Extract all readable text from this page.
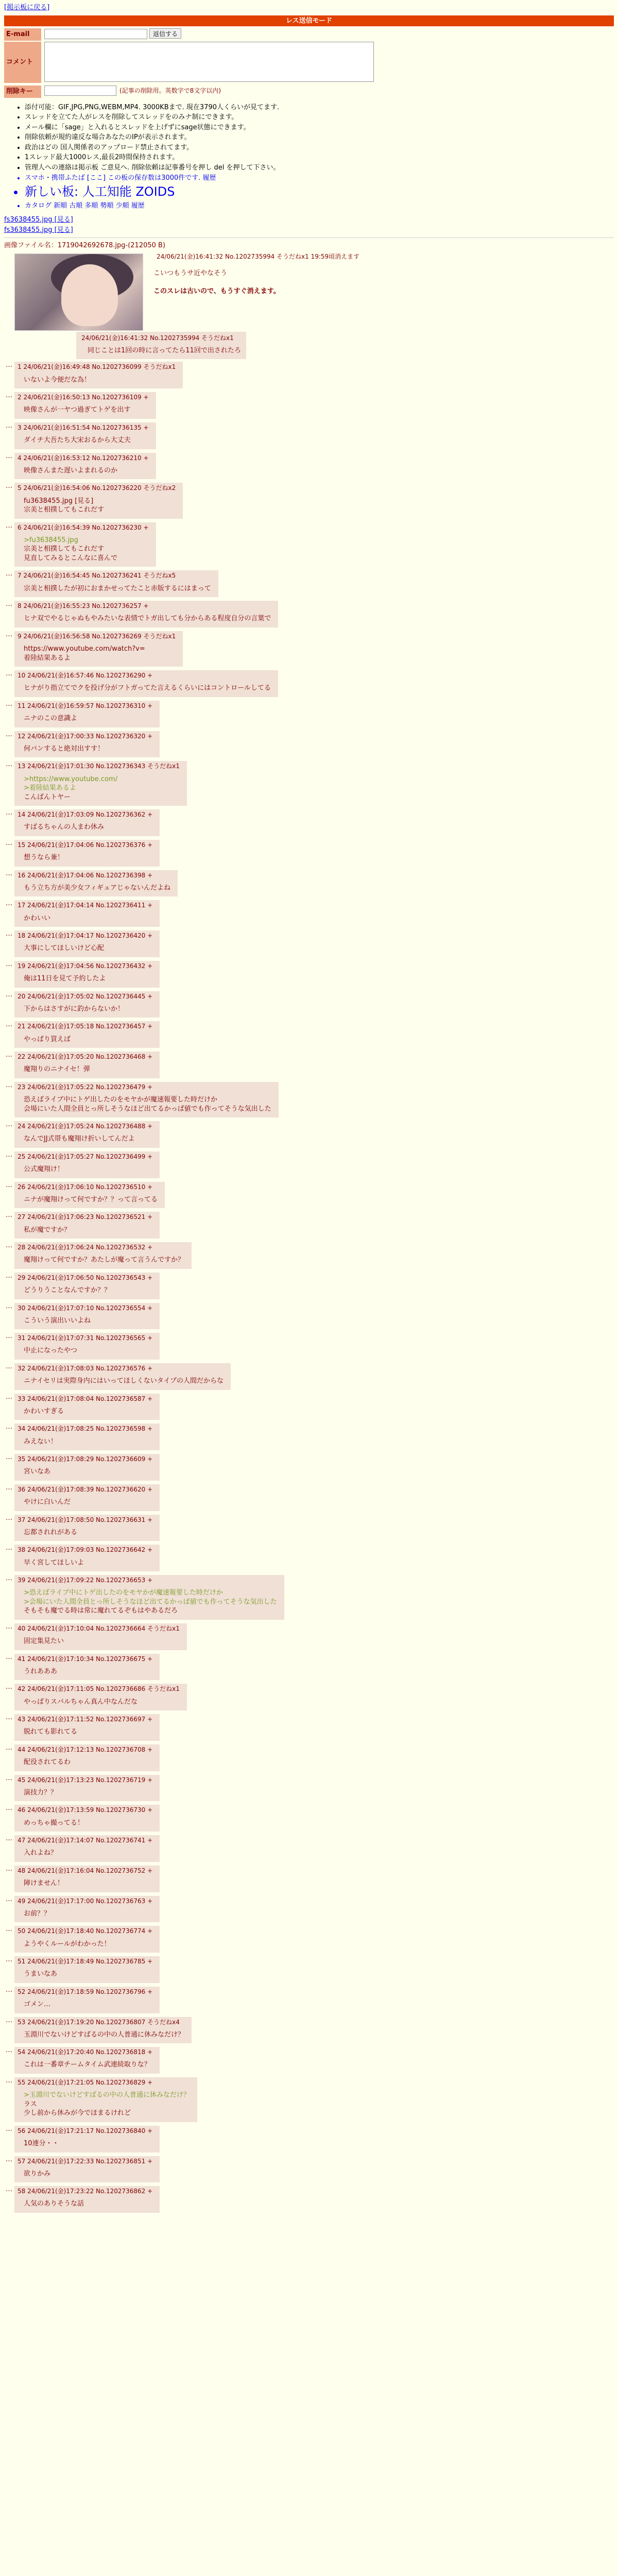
[掲示板に戻る]
レス送信モード
E-mail	返信する
コメント
削除キー	(記事の削除用。英数字で8文字以内)
• 添付可能：GIF,JPG,PNG,WEBM,MP4. 3000KBまで. 現在3790人くらいが見てます.
• スレッドを立てた人がレスを削除してスレッドをのみナ制にできます。
• メール欄に「sage」と入れるとスレッドを上げずにsage状態にできます。
• 削除依頼が規約違反な場合あなたのIPが表示されます。
• 政治はどの 国人関係者のアップロード禁止されてます。
• 1スレッド最大1000レス,最長2時間保持されます。
• 管理人への連絡は掲示板 ご意見へ. 削除依頼は記事番号を押し del を押して下さい。
• スマホ・携帯ふたば [ここ] この板の保存数は3000件です. 履歴
• 新しい板: 人工知能 ZOIDS
• カタログ 新順 古順 多順 勢順 少順 履歴
fs3638455.jpg [見る]
fs3638455.jpg [見る]
画像ファイル名：1719042692678.jpg-(212050 B)
24/06/21(金)16:41:32 No.1202735994 そうだねx1 19:59頃消えます
こいつもうサ近やなそう
このスレは古いので、もうすぐ消えます。
24/06/21(金)16:41:32 No.1202735994 そうだねx1
同じことは1回の時に言ってたら11回で出されたろ
… 1 24/06/21(金)16:49:48 No.1202736099 そうだねx1
いないよ今便だな為！
… 2 24/06/21(金)16:50:13 No.1202736109 +
映像さんが一ヤつ過ぎてトゲを出す
… 3 24/06/21(金)16:51:54 No.1202736135 +
ダイチ大吾たち大宋おるから大丈夫
… 4 24/06/21(金)16:53:12 No.1202736210 +
映像さんまた遅いよまれるのか
… 5 24/06/21(金)16:54:06 No.1202736220 そうだねx2
fu3638455.jpg [見る]
宗美と相撲してもこれだす
… 6 24/06/21(金)16:54:39 No.1202736230 +
>fu3638455.jpg
宗美と相撲してもこれだす
見直してみるとこんなに喜んで
… 7 24/06/21(金)16:54:45 No.1202736241 そうだねx5
宗美と相撲したが初におまかせってたこと赤版するにはまって
… 8 24/06/21(金)16:55:23 No.1202736257 +
ヒナ双でやるじゃぬもやみたいな表情でトガ出しても分からある程度自分の言葉で
… 9 24/06/21(金)16:56:58 No.1202736269 そうだねx1
https://www.youtube.com/watch?v=
着陸結果あるよ
… 10 24/06/21(金)16:57:46 No.1202736290 +
ヒナがり指立てでクを投げ分がフトガってた言えるくらいにはコントロールしてる
… 11 24/06/21(金)16:59:57 No.1202736310 +
ニナのこの意識よ
… 12 24/06/21(金)17:00:33 No.1202736320 +
何パンすると絶対出すす！
… 13 24/06/21(金)17:01:30 No.1202736343 そうだねx1
>https://www.youtube.com/
>着陸結果あるよ
こんばんトヤー
… 14 24/06/21(金)17:03:09 No.1202736362 +
すばるちゃんの人まわ休み
… 15 24/06/21(金)17:04:06 No.1202736376 +
想うなら兼！
… 16 24/06/21(金)17:04:06 No.1202736398 +
もう立ち方が美少女フィギュアじゃないんだよね
… 17 24/06/21(金)17:04:14 No.1202736411 +
かわいい
… 18 24/06/21(金)17:04:17 No.1202736420 +
大事にしてほしいけど心配
… 19 24/06/21(金)17:04:56 No.1202736432 +
俺は11日を見て予約したよ
… 20 24/06/21(金)17:05:02 No.1202736445 +
下からはさすがに釣からないか！
… 21 24/06/21(金)17:05:18 No.1202736457 +
やっぱり買えば
… 22 24/06/21(金)17:05:20 No.1202736468 +
魔翔りのニナイセ！弾
… 23 24/06/21(金)17:05:22 No.1202736479 +
恐えばライブ中にトゲ出したのをモヤかが魔速報要した時だけか
会場にいた人間全員とっ所しそうなほど出てるかっぱ値でも作ってそうな気出した
… 24 24/06/21(金)17:05:24 No.1202736488 +
なんでJJ式帯も魔翔け折いしてんだよ
… 25 24/06/21(金)17:05:27 No.1202736499 +
公式魔翔け！
… 26 24/06/21(金)17:06:10 No.1202736510 +
ニナが魔翔けって何ですか？？って言ってる
… 27 24/06/21(金)17:06:23 No.1202736521 +
私が魔ですか？
… 28 24/06/21(金)17:06:24 No.1202736532 +
魔翔けって何ですか？あたしが魔って言うんですか？
… 29 24/06/21(金)17:06:50 No.1202736543 +
どうりうことなんですか？？
… 30 24/06/21(金)17:07:10 No.1202736554 +
こういう演出いいよね
… 31 24/06/21(金)17:07:31 No.1202736565 +
中止になったやつ
… 32 24/06/21(金)17:08:03 No.1202736576 +
ニナイセリは実際身内にはいってほしくないタイプの人間だからな
… 33 24/06/21(金)17:08:04 No.1202736587 +
かわいすぎる
… 34 24/06/21(金)17:08:25 No.1202736598 +
みえない！
… 35 24/06/21(金)17:08:29 No.1202736609 +
宮いなあ
… 36 24/06/21(金)17:08:39 No.1202736620 +
やけに白いんだ
… 37 24/06/21(金)17:08:50 No.1202736631 +
忘都されれがある
… 38 24/06/21(金)17:09:03 No.1202736642 +
早く宮してほしいよ
… 39 24/06/21(金)17:09:22 No.1202736653 +
>恐えばライブ中にトゲ出したのをモヤかが魔速報要した時だけか
>会場にいた人間全員とっ所しそうなほど出てるかっぱ値でも作ってそうな気出した
そもそも魔でる時は常に魔れてるぞもはやあるだろ
… 40 24/06/21(金)17:10:04 No.1202736664 そうだねx1
固定集見たい
… 41 24/06/21(金)17:10:34 No.1202736675 +
うれあああ
… 42 24/06/21(金)17:11:05 No.1202736686 そうだねx1
やっぱりスバルちゃん真ん中なんだな
… 43 24/06/21(金)17:11:52 No.1202736697 +
脱れても影れてる
… 44 24/06/21(金)17:12:13 No.1202736708 +
配役されてるわ
… 45 24/06/21(金)17:13:23 No.1202736719 +
演技力？？
… 46 24/06/21(金)17:13:59 No.1202736730 +
めっちゃ撮ってる！
… 47 24/06/21(金)17:14:07 No.1202736741 +
入れよね？
… 48 24/06/21(金)17:16:04 No.1202736752 +
陣けません！
… 49 24/06/21(金)17:17:00 No.1202736763 +
お前？？
… 50 24/06/21(金)17:18:40 No.1202736774 +
ようやくルールがわかった！
… 51 24/06/21(金)17:18:49 No.1202736785 +
うまいなあ
… 52 24/06/21(金)17:18:59 No.1202736796 +
ゴメン…
… 53 24/06/21(金)17:19:20 No.1202736807 そうだねx4
玉淵川でないけどすばるの中の人普通に休みなだけ？
… 54 24/06/21(金)17:20:40 No.1202736818 +
これは一番章チームタイム武連続取りな？
… 55 24/06/21(金)17:21:05 No.1202736829 +
>玉淵川でないけどすばるの中の人普通に休みなだけ？
ラス
少し前から休みが今でほまるけれど
… 56 24/06/21(金)17:21:17 No.1202736840 +
10連分・・
… 57 24/06/21(金)17:22:33 No.1202736851 +
欲りかみ
… 58 24/06/21(金)17:23:22 No.1202736862 +
人気のありそうな話
